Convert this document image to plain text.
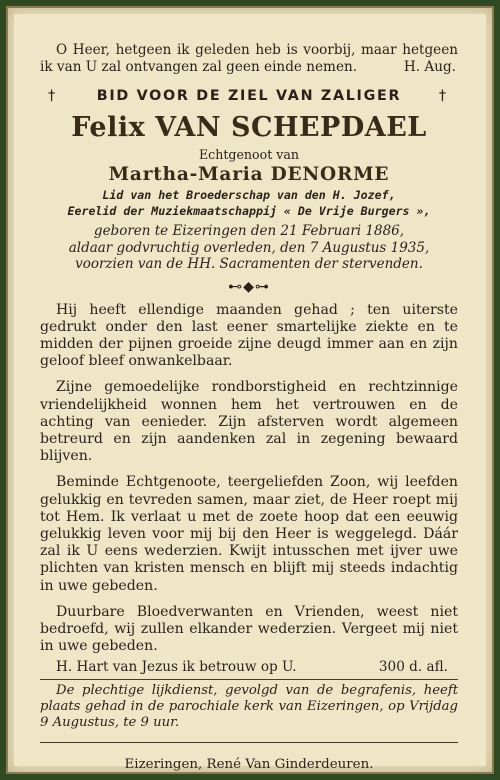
O Heer, hetgeen ik geleden heb is voorbij, maar hetgeen ik van U zal ontvangen zal geen einde nemen.	H. Aug.

†	BID VOOR DE ZIEL VAN ZALIGER	†
Felix VAN SCHEPDAEL
Echtgenoot van
Martha-Maria DENORME
Lid van het Broederschap van den H. Jozef,
Eerelid der Muziekmaatschappij « De Vrije Burgers »,
geboren te Eizeringen den 21 Februari 1886,
aldaar godvruchtig overleden, den 7 Augustus 1935,
voorzien van de HH. Sacramenten der stervenden.
⊷◆⊶

Hij heeft ellendige maanden gehad ; ten uiterste gedrukt onder den last eener smartelijke ziekte en te midden der pijnen groeide zijne deugd immer aan en zijn geloof bleef onwankelbaar.

Zijne gemoedelijke rondborstigheid en rechtzinnige vriendelijkheid wonnen hem het vertrouwen en de achting van eenieder. Zijn afsterven wordt algemeen betreurd en zijn aandenken zal in zegening bewaard blijven.

Beminde Echtgenoote, teergeliefden Zoon, wij leefden gelukkig en tevreden samen, maar ziet, de Heer roept mij tot Hem. Ik verlaat u met de zoete hoop dat een eeuwig gelukkig leven voor mij bij den Heer is weggelegd. Dáár zal ik U eens wederzien. Kwijt intusschen met ijver uwe plichten van kristen mensch en blijft mij steeds indachtig in uwe gebeden.

Duurbare Bloedverwanten en Vrienden, weest niet bedroefd, wij zullen elkander wederzien. Vergeet mij niet in uwe gebeden.

H. Hart van Jezus ik betrouw op U.	300 d. afl.

De plechtige lijkdienst, gevolgd van de begrafenis, heeft plaats gehad in de parochiale kerk van Eizeringen, op Vrijdag 9 Augustus, te 9 uur.

Eizeringen, René Van Ginderdeuren.
